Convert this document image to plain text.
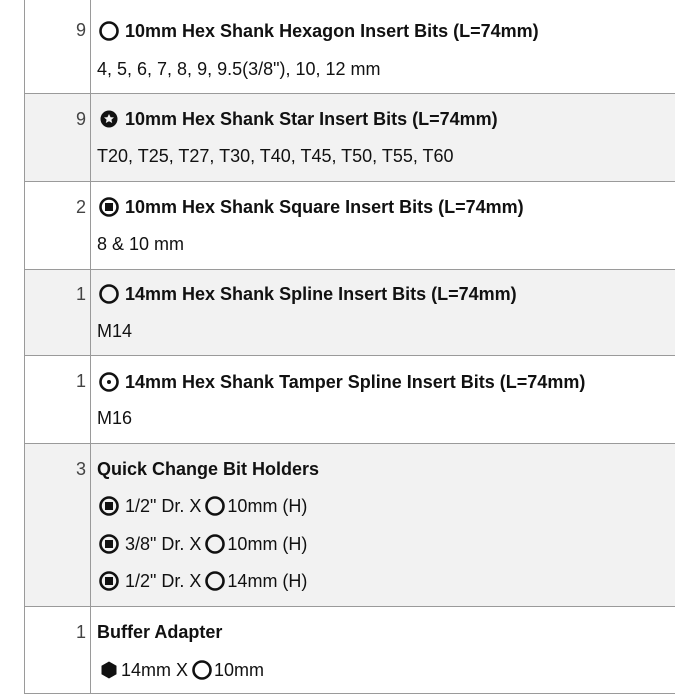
9 10mm Hex Shank Hexagon Insert Bits (L=74mm)
4, 5, 6, 7, 8, 9, 9.5(3/8"), 10, 12 mm
9 10mm Hex Shank Star Insert Bits (L=74mm)
T20, T25, T27, T30, T40, T45, T50, T55, T60
2 10mm Hex Shank Square Insert Bits (L=74mm)
8 & 10 mm
1 14mm Hex Shank Spline Insert Bits (L=74mm)
M14
1 14mm Hex Shank Tamper Spline Insert Bits (L=74mm)
M16
3 Quick Change Bit Holders
1/2" Dr. X 10mm (H)
3/8" Dr. X 10mm (H)
1/2" Dr. X 14mm (H)
1 Buffer Adapter
14mm X 10mm
